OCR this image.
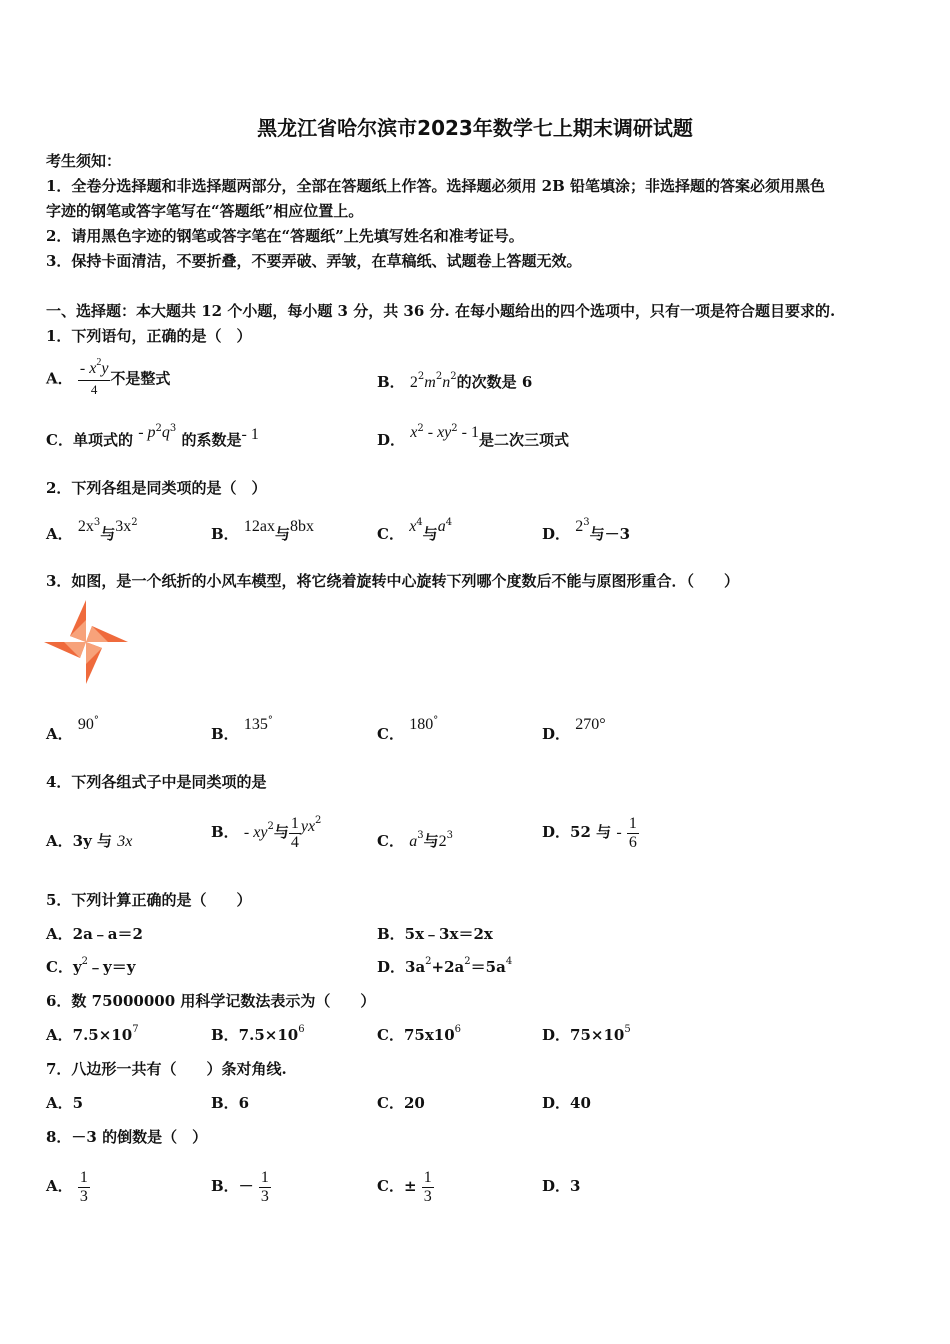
黑龙江省哈尔滨市2023年数学七上期末调研试题
考生须知：
1．全卷分选择题和非选择题两部分，全部在答题纸上作答。选择题必须用 2B 铅笔填涂；非选择题的答案必须用黑色
字迹的钢笔或答字笔写在“答题纸”相应位置上。
2．请用黑色字迹的钢笔或答字笔在“答题纸”上先填写姓名和准考证号。
3．保持卡面清洁，不要折叠，不要弄破、弄皱，在草稿纸、试题卷上答题无效。
一、选择题：本大题共 12 个小题，每小题 3 分，共 36 分. 在每小题给出的四个选项中，只有一项是符合题目要求的.
1．下列语句，正确的是（　）
A． $\frac{- x^2y}{4}$ 不是整式	B． $2^2m^2n^2$的次数是 6
C．单项式的 - $p^2q^3$ 的系数是- 1	D． $x^2 - xy^2 - 1$是二次三项式
2．下列各组是同类项的是（　）
A． $2x^3$与$3x^2$
B． 12ax与8bx	C． $x^4$与$a^4$
D． $2^3$与－3
3．如图，是一个纸折的小风车模型，将它绕着旋转中心旋转下列哪个度数后不能与原图形重合．（　　）
A． 90°
B． 135°
C． 180°
D． 270°
4．下列各组式子中是同类项的是
A．3y 与 3x
B． - $xy^2$与 $\frac{1}{4} yx^2$
C． $a^3$与$2^3$	D．52 与 - $\frac{1}{6}$
5．下列计算正确的是（　　）
A．2a﹣a＝2	B．5x﹣3x＝2x
C．$y^2﹣y=y$	D．$3a^2+2a^2=5a^4$
6．数 75000000 用科学记数法表示为（　　）
A．$7.5\times 10^7$	B．$7.5\times 10^6$	C．$75x10^6$	D．$75\times 10^5$
7．八边形一共有（　　）条对角线.
A．5	B．6	C．20	D．40
8．－3 的倒数是（　）
A． $\frac{1}{3}$	B．－ $\frac{1}{3}$	C．± $\frac{1}{3}$	D．3
